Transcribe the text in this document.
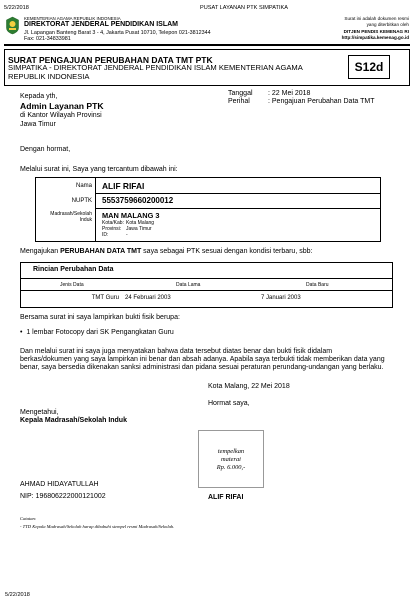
5/22/2018	PUSAT LAYANAN PTK SIMPATIKA
KEMENTERIAN AGAMA REPUBLIK INDONESIA
DIREKTORAT JENDERAL PENDIDIKAN ISLAM
Jl. Lapangan Banteng Barat 3 - 4, Jakarta Pusat 10710, Telepon 021-3812344
Fax: 021-34833981
Surat ini adalah dokumen resmi
yang diterbitkan oleh
DITJEN PENDIS KEMENAG RI
http://simpatika.kemenag.go.id
SURAT PENGAJUAN PERUBAHAN DATA TMT PTK
SIMPATIKA - DIREKTORAT JENDERAL PENDIDIKAN ISLAM KEMENTERIAN AGAMA REPUBLIK INDONESIA
S12d
Kepada yth,
Admin Layanan PTK
di Kantor Wilayah Provinsi
Jawa Timur
Tanggal : 22 Mei 2018
Perihal	: Pengajuan Perubahan Data TMT
Dengan hormat,
Melalui surat ini, Saya yang tercantum dibawah ini:
Nama ALIF RIFAI
NUPTK 5553759660200012
Madrasah/Sekolah
Induk MAN MALANG 3
Kota/Kab: Kota Malang
Provinsi: Jawa Timur
ID:	-
Mengajukan PERUBAHAN DATA TMT saya sebagai PTK sesuai dengan kondisi terbaru, sbb:
Rincian Perubahan Data
Jenis Data	Data Lama	Data Baru
TMT Guru 24 Februari 2003	7 Januari 2003
Bersama surat ini saya lampirkan bukti fisik berupa:
•  1 lembar Fotocopy dari SK Pengangkatan Guru
Dan melalui surat ini saya juga menyatakan bahwa data tersebut diatas benar dan bukti fisik didalam
berkas/dokumen yang saya lampirkan ini benar dan absah adanya. Apabila saya terbukti tidak memberikan data yang
benar, saya bersedia dikenakan sanksi administrasi dan pidana sesuai peraturan perundang-undangan yang berlaku.
Kota Malang, 22 Mei 2018
Hormat saya,
Mengetahui,
Kepala Madrasah/Sekolah Induk
tempelkan
materai
Rp. 6.000,-
AHMAD HIDAYATULLAH
NIP: 196806222000121002	ALIF RIFAI
Catatan:
- TTD Kepala Madrasah/Sekolah harap dibubuhi stempel resmi Madrasah/Sekolah.
5/22/2018
